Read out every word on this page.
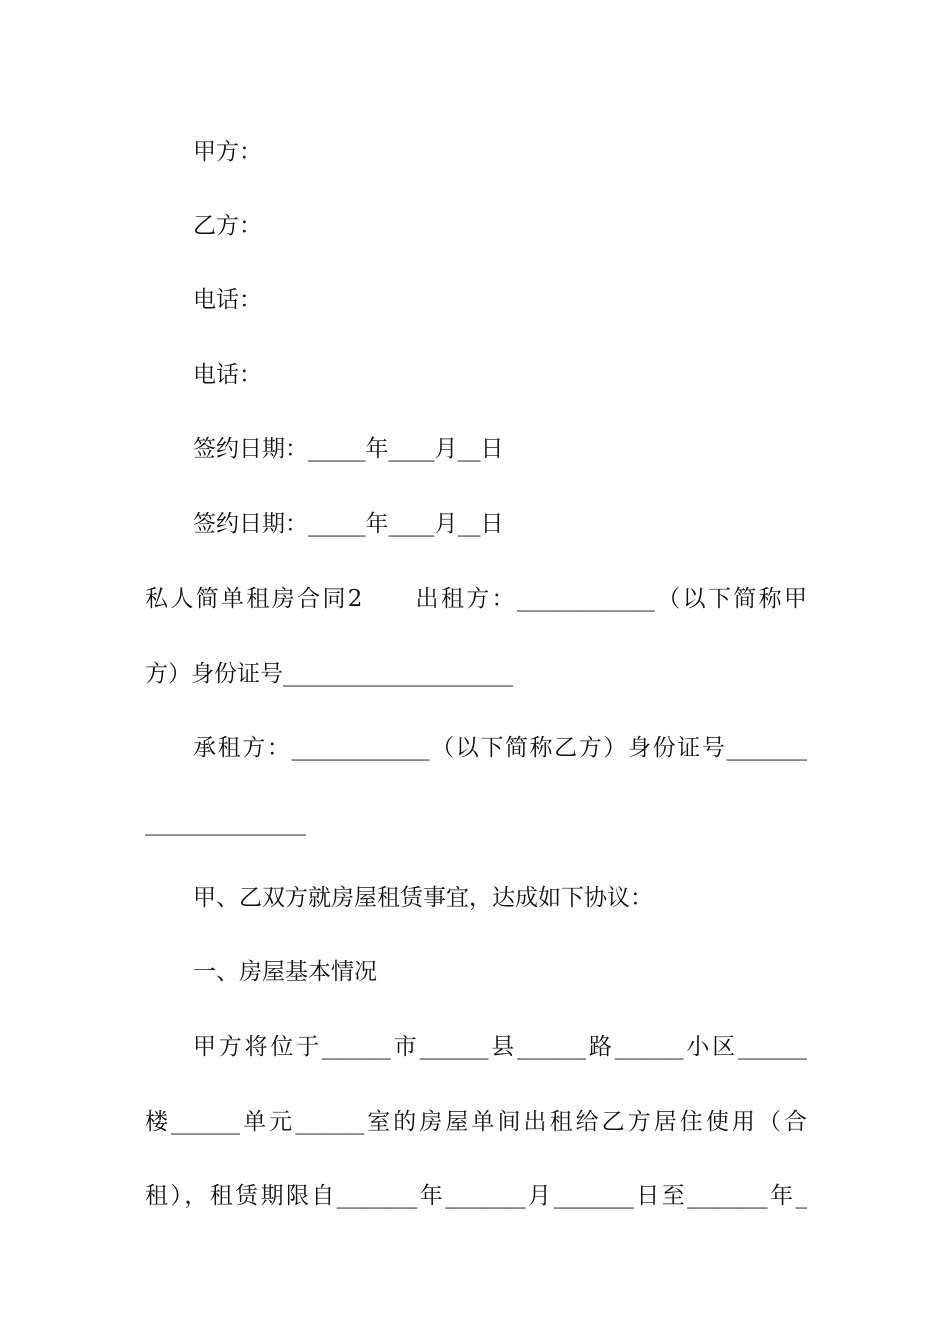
甲方：
乙方：
电话：
电话：
签约日期：_____年____月__日
签约日期：_____年____月__日
私人简单租房合同2　　出租方：____________（以下简称甲
方）身份证号____________________
承租方：____________（以下简称乙方）身份证号_______
______________
甲、乙双方就房屋租赁事宜，达成如下协议：
一、房屋基本情况
甲方将位于______市______县______路______小区______
楼______单元______室的房屋单间出租给乙方居住使用（合
租），租赁期限自_______年_______月_______日至_______年_
